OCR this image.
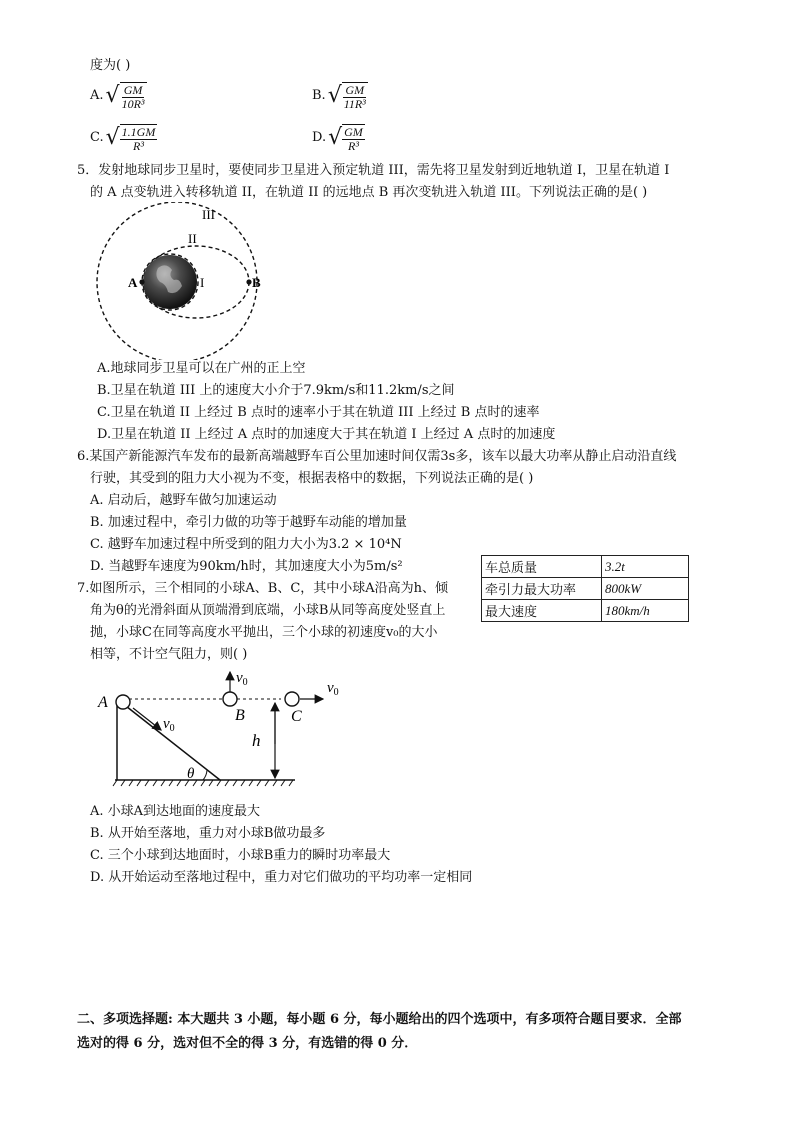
度为( )
A. √ $\frac{GM}{\text{10R³}}$	B. √ $\frac{GM}{\text{11R³}}$
C. √ $\frac{1.1GM}{\text{R³}}$	D. √ $\frac{GM}{\text{R³}}$
5．发射地球同步卫星时，要使同步卫星进入预定轨道 III，需先将卫星发射到近地轨道 I，卫星在轨道 I
的 A 点变轨进入转移轨道 II，在轨道 II 的远地点 B 再次变轨进入轨道 III。下列说法正确的是( )
III
II
I
A	B
A.地球同步卫星可以在广州的正上空
B.卫星在轨道 III 上的速度大小介于7.9km/s和11.2km/s之间
C.卫星在轨道 II 上经过 B 点时的速率小于其在轨道 III 上经过 B 点时的速率
D.卫星在轨道 II 上经过 A 点时的加速度大于其在轨道 I 上经过 A 点时的加速度
6.某国产新能源汽车发布的最新高端越野车百公里加速时间仅需3s多，该车以最大功率从静止启动沿直线
行驶，其受到的阻力大小视为不变，根据表格中的数据，下列说法正确的是( )
A. 启动后，越野车做匀加速运动
B. 加速过程中，牵引力做的功等于越野车动能的增加量
C. 越野车加速过程中所受到的阻力大小为3.2 × 10⁴N
D. 当越野车速度为90km/h时，其加速度大小为5m/s²	车总质量	3.2t
牵引力最大功率	800kW
最大速度	180km/h
7.如图所示，三个相同的小球A、B、C，其中小球A沿高为h、倾
角为θ的光滑斜面从顶端滑到底端，小球B从同等高度处竖直上
抛，小球C在同等高度水平抛出，三个小球的初速度v₀的大小
相等，不计空气阻力，则( )
θ
A
$v_0$
$v_0$
B
$v_0$
C
h
A. 小球A到达地面的速度最大
B. 从开始至落地，重力对小球B做功最多
C. 三个小球到达地面时，小球B重力的瞬时功率最大
D. 从开始运动至落地过程中，重力对它们做功的平均功率一定相同
二、多项选择题: 本大题共 3 小题，每小题 6 分，每小题给出的四个选项中，有多项符合题目要求．全部
选对的得 6 分，选对但不全的得 3 分，有选错的得 0 分．
